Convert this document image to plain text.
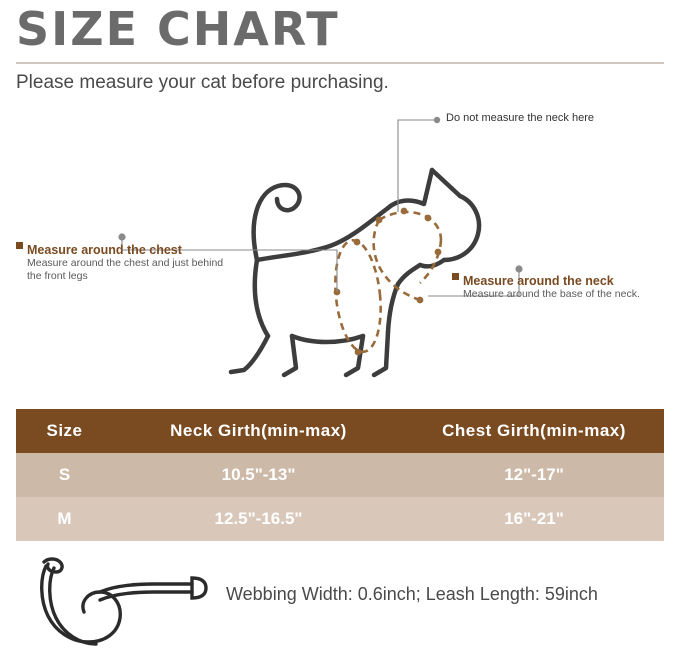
SIZE CHART
Please measure your cat before purchasing.
Do not measure the neck here
Measure around the chest
Measure around the chest and just behind the front legs	Measure around the neck
Measure around the base of the neck.
Size	Neck Girth(min-max)	Chest Girth(min-max)
S	10.5"-13"	12"-17"
M	12.5"-16.5"	16"-21"
Webbing Width: 0.6inch; Leash Length: 59inch
